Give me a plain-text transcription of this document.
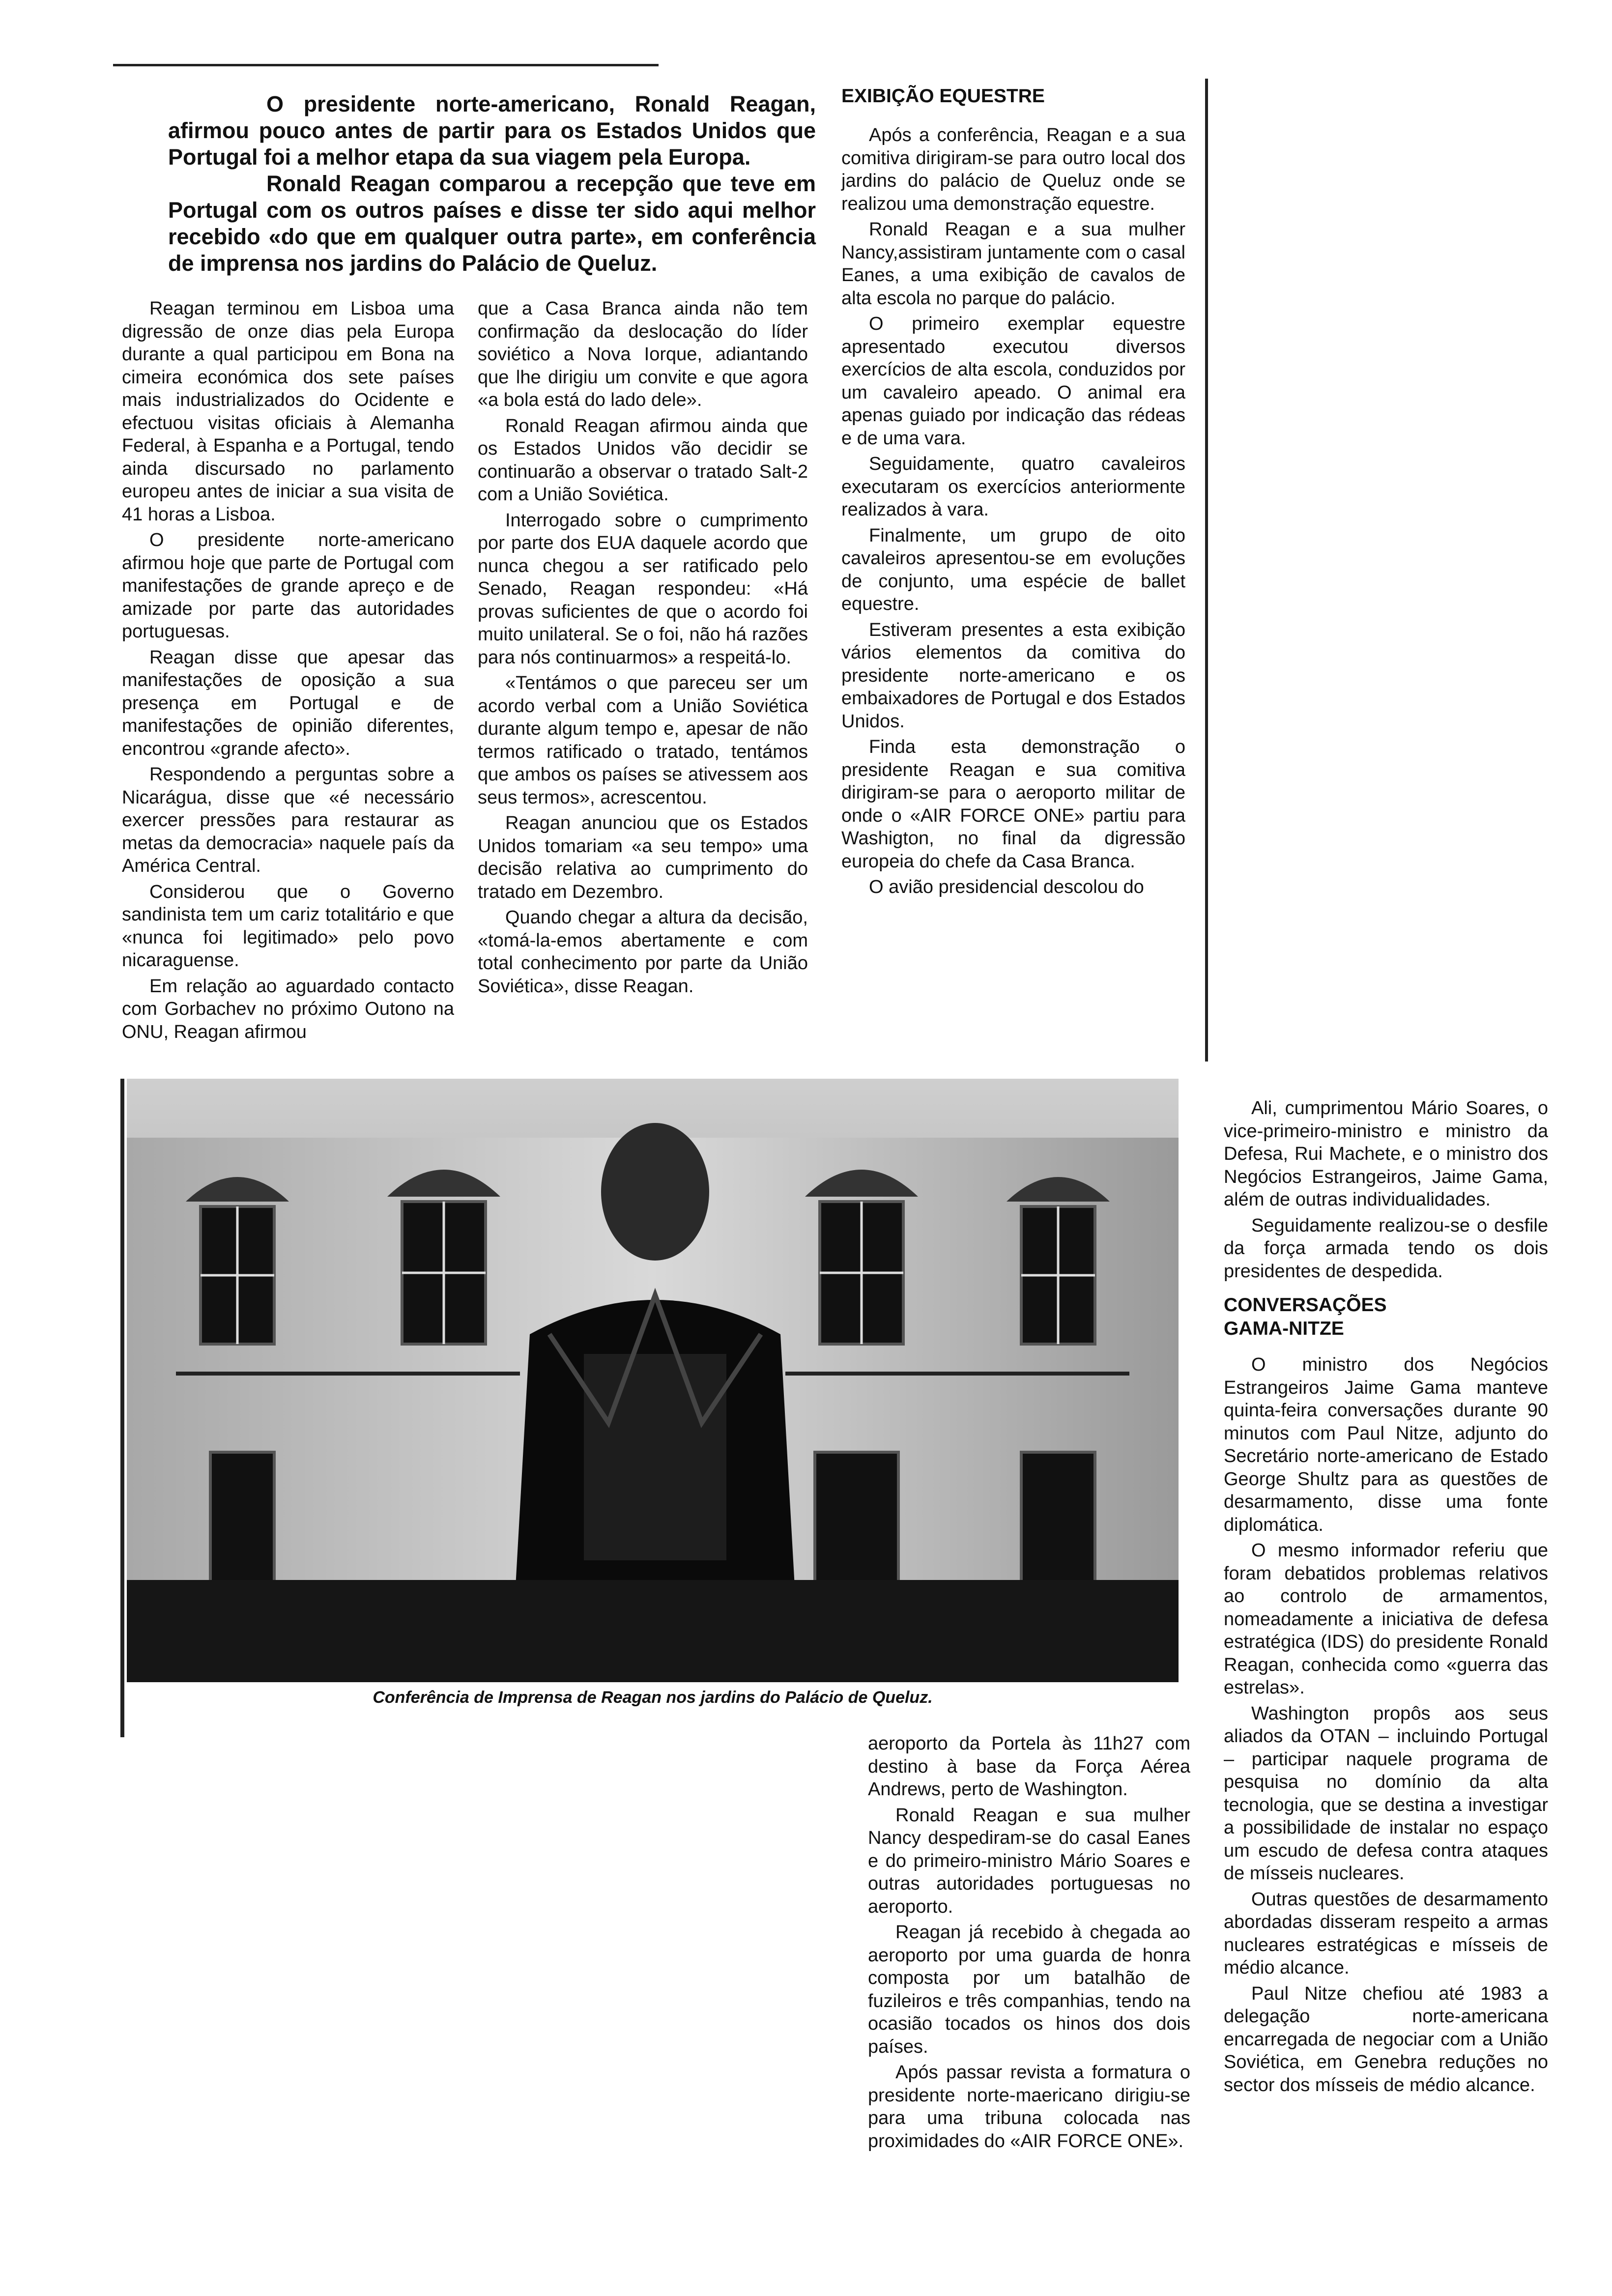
O presidente norte-americano, Ronald Reagan, afirmou pouco antes de partir para os Estados Unidos que Portugal foi a melhor etapa da sua viagem pela Europa.

Ronald Reagan comparou a recepção que teve em Portugal com os outros países e disse ter sido aqui melhor recebido «do que em qualquer outra parte», em conferência de imprensa nos jardins do Palácio de Queluz.

Reagan terminou em Lisboa uma digressão de onze dias pela Europa durante a qual participou em Bona na cimeira económica dos sete países mais industrializados do Ocidente e efectuou visitas oficiais à Alemanha Federal, à Espanha e a Portugal, tendo ainda discursado no parlamento europeu antes de iniciar a sua visita de 41 horas a Lisboa.

O presidente norte-americano afirmou hoje que parte de Portugal com manifestações de grande apreço e de amizade por parte das autoridades portuguesas.

Reagan disse que apesar das manifestações de oposição a sua presença em Portugal e de manifestações de opinião diferentes, encontrou «grande afecto».

Respondendo a perguntas sobre a Nicarágua, disse que «é necessário exercer pressões para restaurar as metas da democracia» naquele país da América Central.

Considerou que o Governo sandinista tem um cariz totalitário e que «nunca foi legitimado» pelo povo nicaraguense.

Em relação ao aguardado contacto com Gorbachev no próximo Outono na ONU, Reagan afirmou

que a Casa Branca ainda não tem confirmação da deslocação do líder soviético a Nova Iorque, adiantando que lhe dirigiu um convite e que agora «a bola está do lado dele».

Ronald Reagan afirmou ainda que os Estados Unidos vão decidir se continuarão a observar o tratado Salt-2 com a União Soviética.

Interrogado sobre o cumprimento por parte dos EUA daquele acordo que nunca chegou a ser ratificado pelo Senado, Reagan respondeu: «Há provas suficientes de que o acordo foi muito unilateral. Se o foi, não há razões para nós continuarmos» a respeitá-lo.

«Tentámos o que pareceu ser um acordo verbal com a União Soviética durante algum tempo e, apesar de não termos ratificado o tratado, tentámos que ambos os países se ativessem aos seus termos», acrescentou.

Reagan anunciou que os Estados Unidos tomariam «a seu tempo» uma decisão relativa ao cumprimento do tratado em Dezembro.

Quando chegar a altura da decisão, «tomá-la-emos abertamente e com total conhecimento por parte da União Soviética», disse Reagan.

EXIBIÇÃO EQUESTRE

Após a conferência, Reagan e a sua comitiva dirigiram-se para outro local dos jardins do palácio de Queluz onde se realizou uma demonstração equestre.

Ronald Reagan e a sua mulher Nancy,assistiram juntamente com o casal Eanes, a uma exibição de cavalos de alta escola no parque do palácio.

O primeiro exemplar equestre apresentado executou diversos exercícios de alta escola, conduzidos por um cavaleiro apeado. O animal era apenas guiado por indicação das rédeas e de uma vara.

Seguidamente, quatro cavaleiros executaram os exercícios anteriormente realizados à vara.

Finalmente, um grupo de oito cavaleiros apresentou-se em evoluções de conjunto, uma espécie de ballet equestre.

Estiveram presentes a esta exibição vários elementos da comitiva do presidente norte-americano e os embaixadores de Portugal e dos Estados Unidos.

Finda esta demonstração o presidente Reagan e sua comitiva dirigiram-se para o aeroporto militar de onde o «AIR FORCE ONE» partiu para Washigton, no final da digressão europeia do chefe da Casa Branca.

O avião presidencial descolou do

Conferência de Imprensa de Reagan nos jardins do Palácio de Queluz.

aeroporto da Portela às 11h27 com destino à base da Força Aérea Andrews, perto de Washington.

Ronald Reagan e sua mulher Nancy despediram-se do casal Eanes e do primeiro-ministro Mário Soares e outras autoridades portuguesas no aeroporto.

Reagan já recebido à chegada ao aeroporto por uma guarda de honra composta por um batalhão de fuzileiros e três companhias, tendo na ocasião tocados os hinos dos dois países.

Após passar revista a formatura o presidente norte-maericano dirigiu-se para uma tribuna colocada nas proximidades do «AIR FORCE ONE».

Ali, cumprimentou Mário Soares, o vice-primeiro-ministro e ministro da Defesa, Rui Machete, e o ministro dos Negócios Estrangeiros, Jaime Gama, além de outras individualidades.

Seguidamente realizou-se o desfile da força armada tendo os dois presidentes de despedida.

CONVERSAÇÕES GAMA-NITZE

O ministro dos Negócios Estrangeiros Jaime Gama manteve quinta-feira conversações durante 90 minutos com Paul Nitze, adjunto do Secretário norte-americano de Estado George Shultz para as questões de desarmamento, disse uma fonte diplomática.

O mesmo informador referiu que foram debatidos problemas relativos ao controlo de armamentos, nomeadamente a iniciativa de defesa estratégica (IDS) do presidente Ronald Reagan, conhecida como «guerra das estrelas».

Washington propôs aos seus aliados da OTAN – incluindo Portugal – participar naquele programa de pesquisa no domínio da alta tecnologia, que se destina a investigar a possibilidade de instalar no espaço um escudo de defesa contra ataques de mísseis nucleares.

Outras questões de desarmamento abordadas disseram respeito a armas nucleares estratégicas e mísseis de médio alcance.

Paul Nitze chefiou até 1983 a delegação norte-americana encarregada de negociar com a União Soviética, em Genebra reduções no sector dos mísseis de médio alcance.
